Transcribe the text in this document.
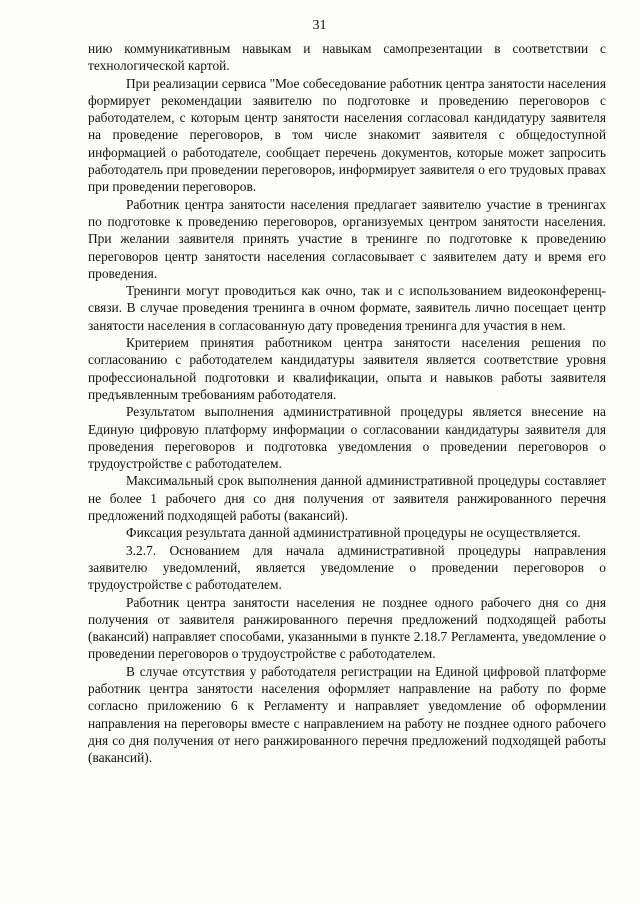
31

нию коммуникативным навыкам и навыкам самопрезентации в соответствии с технологической картой.

При реализации сервиса "Мое собеседование работник центра занятости населения формирует рекомендации заявителю по подготовке и проведению переговоров с работодателем, с которым центр занятости населения согласовал кандидатуру заявителя на проведение переговоров, в том числе знакомит заявителя с общедоступной информацией о работодателе, сообщает перечень документов, которые может запросить работодатель при проведении переговоров, информирует заявителя о его трудовых правах при проведении переговоров.

Работник центра занятости населения предлагает заявителю участие в тренингах по подготовке к проведению переговоров, организуемых центром занятости населения. При желании заявителя принять участие в тренинге по подготовке к проведению переговоров центр занятости населения согласовывает с заявителем дату и время его проведения.

Тренинги могут проводиться как очно, так и с использованием видеоконференц-связи. В случае проведения тренинга в очном формате, заявитель лично посещает центр занятости населения в согласованную дату проведения тренинга для участия в нем.

Критерием принятия работником центра занятости населения решения по согласованию с работодателем кандидатуры заявителя является соответствие уровня профессиональной подготовки и квалификации, опыта и навыков работы заявителя предъявленным требованиям работодателя.

Результатом выполнения административной процедуры является внесение на Единую цифровую платформу информации о согласовании кандидатуры заявителя для проведения переговоров и подготовка уведомления о проведении переговоров о трудоустройстве с работодателем.

Максимальный срок выполнения данной административной процедуры составляет не более 1 рабочего дня со дня получения от заявителя ранжированного перечня предложений подходящей работы (вакансий).

Фиксация результата данной административной процедуры не осуществляется.

3.2.7. Основанием для начала административной процедуры направления заявителю уведомлений, является уведомление о проведении переговоров о трудоустройстве с работодателем.

Работник центра занятости населения не позднее одного рабочего дня со дня получения от заявителя ранжированного перечня предложений подходящей работы (вакансий) направляет способами, указанными в пункте 2.18.7 Регламента, уведомление о проведении переговоров о трудоустройстве с работодателем.

В случае отсутствия у работодателя регистрации на Единой цифровой платформе работник центра занятости населения оформляет направление на работу по форме согласно приложению 6 к Регламенту и направляет уведомление об оформлении направления на переговоры вместе с направлением на работу не позднее одного рабочего дня со дня получения от него ранжированного перечня предложений подходящей работы (вакансий).
